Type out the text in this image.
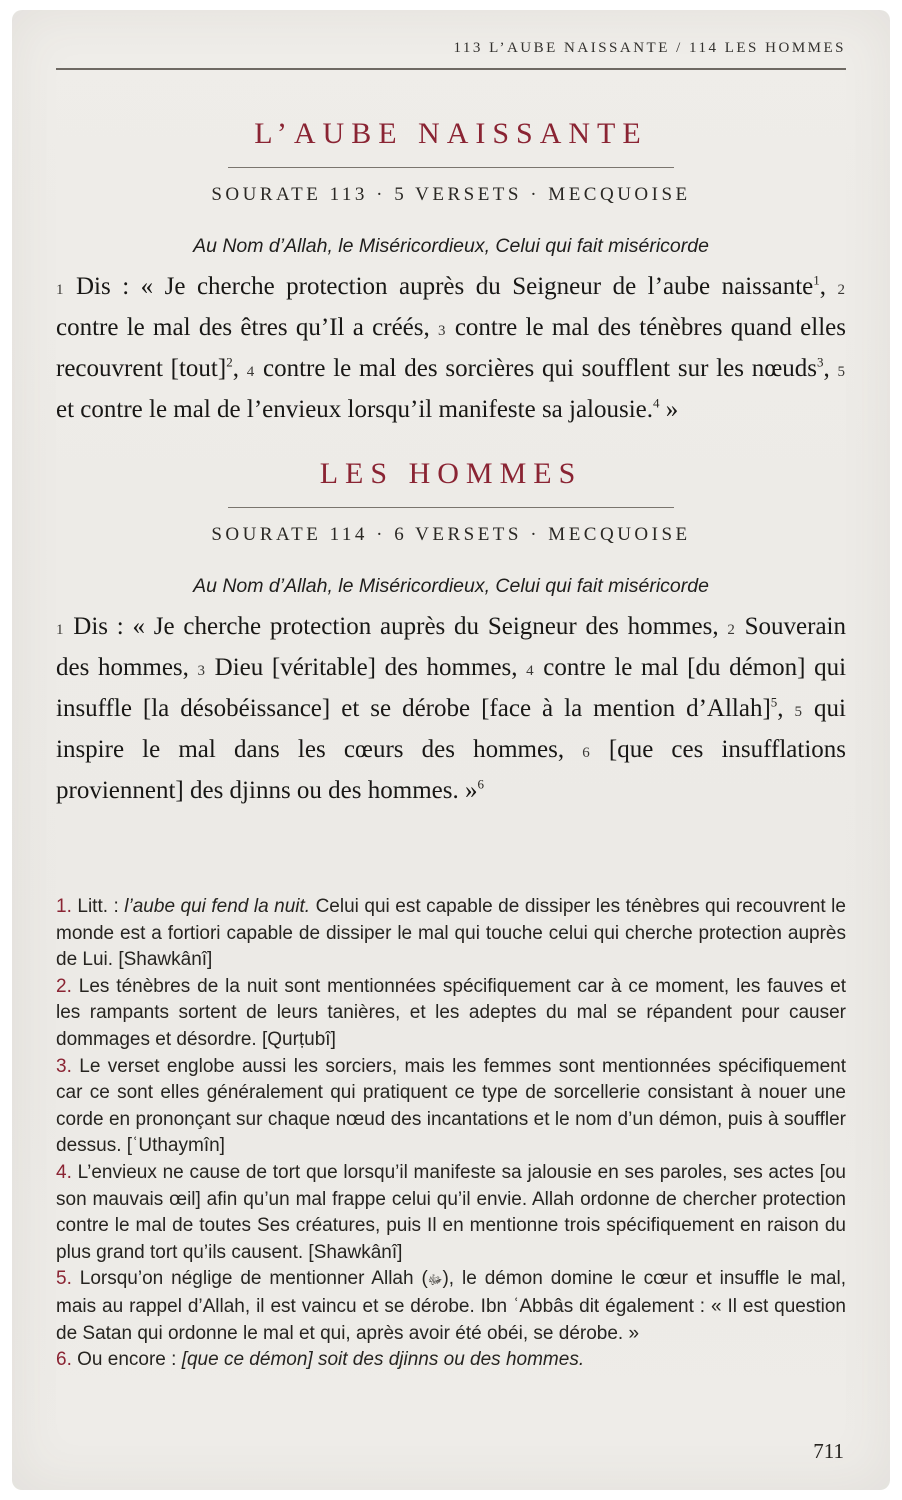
113 L’AUBE NAISSANTE / 114 LES HOMMES
L’AUBE NAISSANTE
SOURATE 113 · 5 VERSETS · MECQUOISE
Au Nom d’Allah, le Miséricordieux, Celui qui fait miséricorde

1 Dis : « Je cherche protection auprès du Seigneur de l’aube naissante$^1$, 2 contre le mal des êtres qu’Il a créés, 3 contre le mal des ténèbres quand elles recouvrent [tout]$^2$, 4 contre le mal des sorcières qui soufflent sur les nœuds$^3$, 5 et contre le mal de l’envieux lorsqu’il manifeste sa jalousie.$^4$ »

LES HOMMES
SOURATE 114 · 6 VERSETS · MECQUOISE
Au Nom d’Allah, le Miséricordieux, Celui qui fait miséricorde

1 Dis : « Je cherche protection auprès du Seigneur des hommes, 2 Souverain des hommes, 3 Dieu [véritable] des hommes, 4 contre le mal [du démon] qui insuffle [la désobéissance] et se dérobe [face à la mention d’Allah]$^5$, 5 qui inspire le mal dans les cœurs des hommes, 6 [que ces insufflations proviennent] des djinns ou des hommes. »$^6$

1. Litt. : l’aube qui fend la nuit. Celui qui est capable de dissiper les ténèbres qui recouvrent le monde est a fortiori capable de dissiper le mal qui touche celui qui cherche protection auprès de Lui. [Shawkânî]
2. Les ténèbres de la nuit sont mentionnées spécifiquement car à ce moment, les fauves et les rampants sortent de leurs tanières, et les adeptes du mal se répandent pour causer dommages et désordre. [Qurṭubî]
3. Le verset englobe aussi les sorciers, mais les femmes sont mentionnées spécifiquement car ce sont elles généralement qui pratiquent ce type de sorcellerie consistant à nouer une corde en prononçant sur chaque nœud des incantations et le nom d’un démon, puis à souffler dessus. [ʿUthaymîn]
4. L’envieux ne cause de tort que lorsqu’il manifeste sa jalousie en ses paroles, ses actes [ou son mauvais œil] afin qu’un mal frappe celui qu’il envie. Allah ordonne de chercher protection contre le mal de toutes Ses créatures, puis Il en mentionne trois spécifiquement en raison du plus grand tort qu’ils causent. [Shawkânî]
5. Lorsqu’on néglige de mentionner Allah (ﷻ), le démon domine le cœur et insuffle le mal, mais au rappel d’Allah, il est vaincu et se dérobe. Ibn ʿAbbâs dit également : « Il est question de Satan qui ordonne le mal et qui, après avoir été obéi, se dérobe. »
6. Ou encore : [que ce démon] soit des djinns ou des hommes.
711
